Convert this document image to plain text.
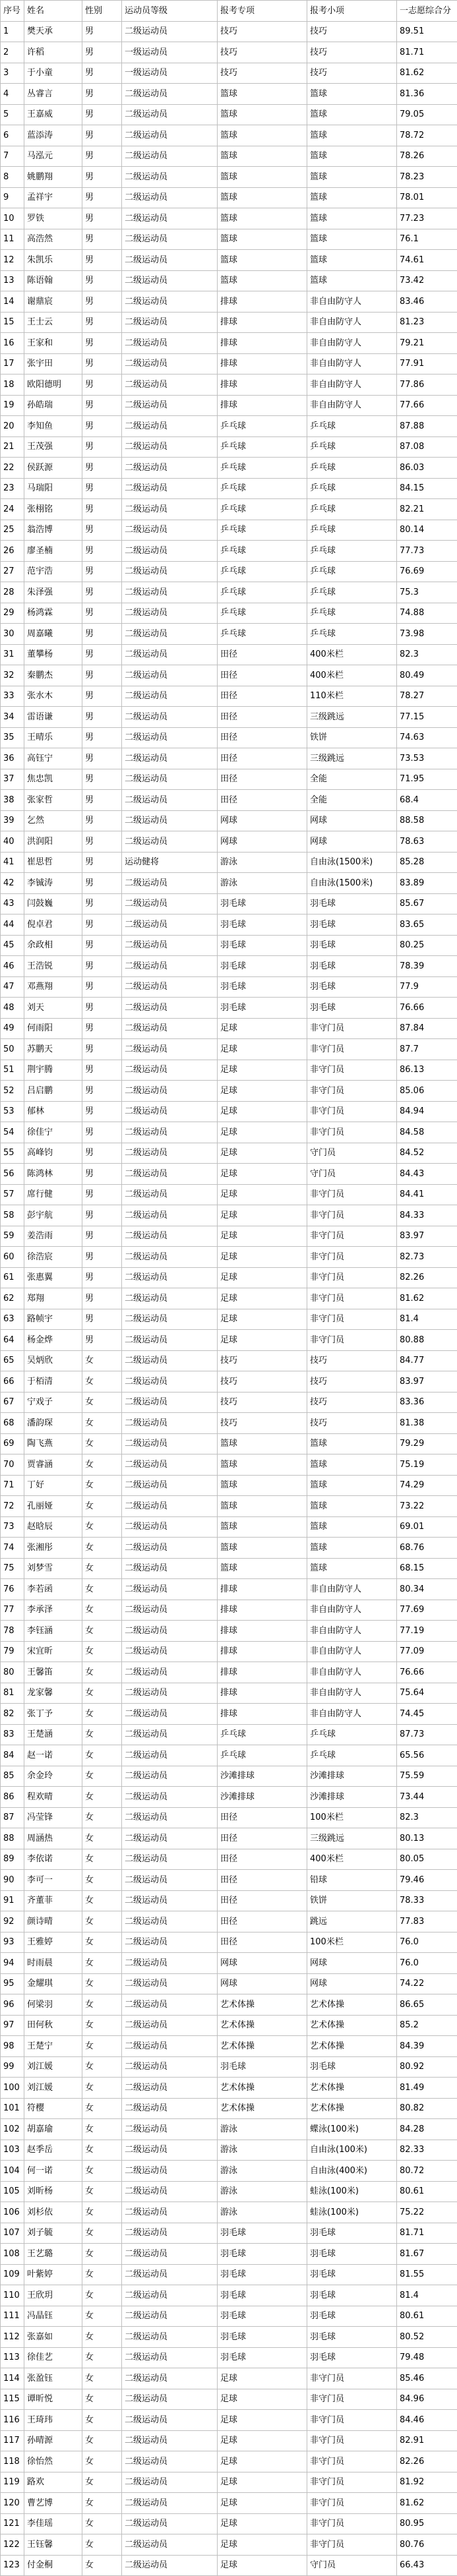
序号	姓名	性别	运动员等级	报考专项	报考小项	一志愿综合分
1	樊天承	男	二级运动员	技巧	技巧	89.51
2	许稻	男	一级运动员	技巧	技巧	81.71
3	于小童	男	一级运动员	技巧	技巧	81.62
4	丛睿言	男	二级运动员	篮球	篮球	81.36
5	王嘉威	男	二级运动员	篮球	篮球	79.05
6	蓝添涛	男	二级运动员	篮球	篮球	78.72
7	马泓元	男	二级运动员	篮球	篮球	78.26
8	姚鹏翔	男	二级运动员	篮球	篮球	78.23
9	孟祥宇	男	二级运动员	篮球	篮球	78.01
10	罗铁	男	二级运动员	篮球	篮球	77.23
11	高浩然	男	二级运动员	篮球	篮球	76.1
12	朱凯乐	男	二级运动员	篮球	篮球	74.61
13	陈语翰	男	二级运动员	篮球	篮球	73.42
14	谢鼎宸	男	二级运动员	排球	非自由防守人	83.46
15	王士云	男	二级运动员	排球	非自由防守人	81.23
16	王家和	男	二级运动员	排球	非自由防守人	79.21
17	张宇田	男	二级运动员	排球	非自由防守人	77.91
18	欧阳德明	男	二级运动员	排球	非自由防守人	77.86
19	孙皓瑞	男	二级运动员	排球	非自由防守人	77.66
20	李知鱼	男	二级运动员	乒乓球	乒乓球	87.88
21	王茂强	男	二级运动员	乒乓球	乒乓球	87.08
22	侯跃源	男	二级运动员	乒乓球	乒乓球	86.03
23	马瑞阳	男	二级运动员	乒乓球	乒乓球	84.15
24	张栩铭	男	二级运动员	乒乓球	乒乓球	82.21
25	翁浩博	男	二级运动员	乒乓球	乒乓球	80.14
26	廖圣楠	男	二级运动员	乒乓球	乒乓球	77.73
27	范宇浩	男	二级运动员	乒乓球	乒乓球	76.69
28	朱泽强	男	二级运动员	乒乓球	乒乓球	75.3
29	杨鸿霖	男	二级运动员	乒乓球	乒乓球	74.88
30	周嘉曦	男	二级运动员	乒乓球	乒乓球	73.98
31	董攀杨	男	二级运动员	田径	400米栏	82.3
32	秦鹏杰	男	二级运动员	田径	400米栏	80.49
33	张水木	男	二级运动员	田径	110米栏	78.27
34	雷语谦	男	二级运动员	田径	三级跳远	77.15
35	王晴乐	男	二级运动员	田径	铁饼	74.63
36	高钰宁	男	二级运动员	田径	三级跳远	73.53
37	焦忠凯	男	二级运动员	田径	全能	71.95
38	张家哲	男	二级运动员	田径	全能	68.4
39	乞然	男	二级运动员	网球	网球	88.58
40	洪润阳	男	二级运动员	网球	网球	78.63
41	崔思哲	男	运动健将	游泳	自由泳(1500米)	85.28
42	李铖涛	男	二级运动员	游泳	自由泳(1500米)	83.89
43	闫鼓巍	男	二级运动员	羽毛球	羽毛球	85.67
44	倪卓君	男	二级运动员	羽毛球	羽毛球	83.65
45	余政相	男	二级运动员	羽毛球	羽毛球	80.25
46	王浩锐	男	二级运动员	羽毛球	羽毛球	78.39
47	邓燕翔	男	二级运动员	羽毛球	羽毛球	77.9
48	刘天	男	二级运动员	羽毛球	羽毛球	76.66
49	何雨阳	男	二级运动员	足球	非守门员	87.84
50	苏鹏天	男	二级运动员	足球	非守门员	87.7
51	荆宇腾	男	二级运动员	足球	非守门员	86.13
52	吕启鹏	男	二级运动员	足球	非守门员	85.06
53	郁林	男	二级运动员	足球	非守门员	84.94
54	徐佳宁	男	二级运动员	足球	非守门员	84.58
55	高峰钧	男	二级运动员	足球	守门员	84.52
56	陈鸿林	男	二级运动员	足球	守门员	84.43
57	席行健	男	二级运动员	足球	非守门员	84.41
58	彭宇航	男	二级运动员	足球	非守门员	84.33
59	姜浩雨	男	二级运动员	足球	非守门员	83.97
60	徐浩宸	男	二级运动员	足球	非守门员	82.73
61	张惠翼	男	二级运动员	足球	非守门员	82.26
62	郑翔	男	二级运动员	足球	非守门员	81.62
63	路帧宇	男	二级运动员	足球	非守门员	81.4
64	杨金烨	男	二级运动员	足球	非守门员	80.88
65	吴炳欣	女	二级运动员	技巧	技巧	84.77
66	于栢清	女	二级运动员	技巧	技巧	83.97
67	宁戏子	女	二级运动员	技巧	技巧	83.36
68	潘韵琛	女	二级运动员	技巧	技巧	81.38
69	陶飞燕	女	二级运动员	篮球	篮球	79.29
70	贾睿涵	女	二级运动员	篮球	篮球	75.19
71	丁好	女	二级运动员	篮球	篮球	74.29
72	孔丽娅	女	二级运动员	篮球	篮球	73.22
73	赵晗辰	女	二级运动员	篮球	篮球	69.01
74	张湘彤	女	二级运动员	篮球	篮球	68.76
75	刘梦雪	女	二级运动员	篮球	篮球	68.15
76	李若函	女	二级运动员	排球	非自由防守人	80.34
77	李承泽	女	二级运动员	排球	非自由防守人	77.69
78	李钰涵	女	二级运动员	排球	非自由防守人	77.19
79	宋宜昕	女	二级运动员	排球	非自由防守人	77.09
80	王馨笛	女	二级运动员	排球	非自由防守人	76.66
81	龙家馨	女	二级运动员	排球	非自由防守人	75.64
82	张丁予	女	二级运动员	排球	非自由防守人	74.45
83	王楚涵	女	二级运动员	乒乓球	乒乓球	87.73
84	赵一诺	女	二级运动员	乒乓球	乒乓球	65.56
85	余金玲	女	二级运动员	沙滩排球	沙滩排球	75.59
86	程欢晴	女	二级运动员	沙滩排球	沙滩排球	73.44
87	冯莹锋	女	二级运动员	田径	100米栏	82.3
88	周涵热	女	二级运动员	田径	三级跳远	80.13
89	李依诺	女	二级运动员	田径	400米栏	80.05
90	李可一	女	二级运动员	田径	铅球	79.46
91	齐董菲	女	二级运动员	田径	铁饼	78.33
92	颜诗晴	女	二级运动员	田径	跳远	77.83
93	王雅婷	女	二级运动员	田径	100米栏	76.0
94	时雨晨	女	二级运动员	网球	网球	76.0
95	金耀琪	女	二级运动员	网球	网球	74.22
96	何梁羽	女	二级运动员	艺术体操	艺术体操	86.65
97	田何秋	女	二级运动员	艺术体操	艺术体操	85.2
98	王楚宁	女	二级运动员	艺术体操	艺术体操	84.39
99	刘江媛	女	二级运动员	羽毛球	羽毛球	80.92
100	刘江媛	女	二级运动员	艺术体操	艺术体操	81.49
101	符樱	女	二级运动员	艺术体操	艺术体操	80.82
102	胡嘉瑜	女	二级运动员	游泳	蝶泳(100米)	84.28
103	赵季岳	女	二级运动员	游泳	自由泳(100米)	82.33
104	何一诺	女	二级运动员	游泳	自由泳(400米)	80.72
105	刘昕杨	女	二级运动员	游泳	蛙泳(100米)	80.61
106	刘杉依	女	二级运动员	游泳	蛙泳(100米)	75.22
107	刘子毓	女	二级运动员	羽毛球	羽毛球	81.71
108	王艺璐	女	二级运动员	羽毛球	羽毛球	81.67
109	叶紫婷	女	二级运动员	羽毛球	羽毛球	81.55
110	王欣玥	女	二级运动员	羽毛球	羽毛球	81.4
111	冯晶钰	女	二级运动员	羽毛球	羽毛球	80.61
112	张嘉如	女	二级运动员	羽毛球	羽毛球	80.52
113	徐佳艺	女	二级运动员	羽毛球	羽毛球	79.48
114	张盈钰	女	二级运动员	足球	非守门员	85.46
115	谭昕悦	女	二级运动员	足球	非守门员	84.96
116	王琦玮	女	二级运动员	足球	非守门员	84.46
117	孙晴源	女	二级运动员	足球	非守门员	82.91
118	徐怡然	女	二级运动员	足球	非守门员	82.26
119	路欢	女	二级运动员	足球	非守门员	81.92
120	曹艺博	女	二级运动员	足球	非守门员	81.62
121	李佳瑶	女	二级运动员	足球	非守门员	80.95
122	王钰馨	女	二级运动员	足球	非守门员	80.76
123	付金桐	女	二级运动员	足球	守门员	66.43
